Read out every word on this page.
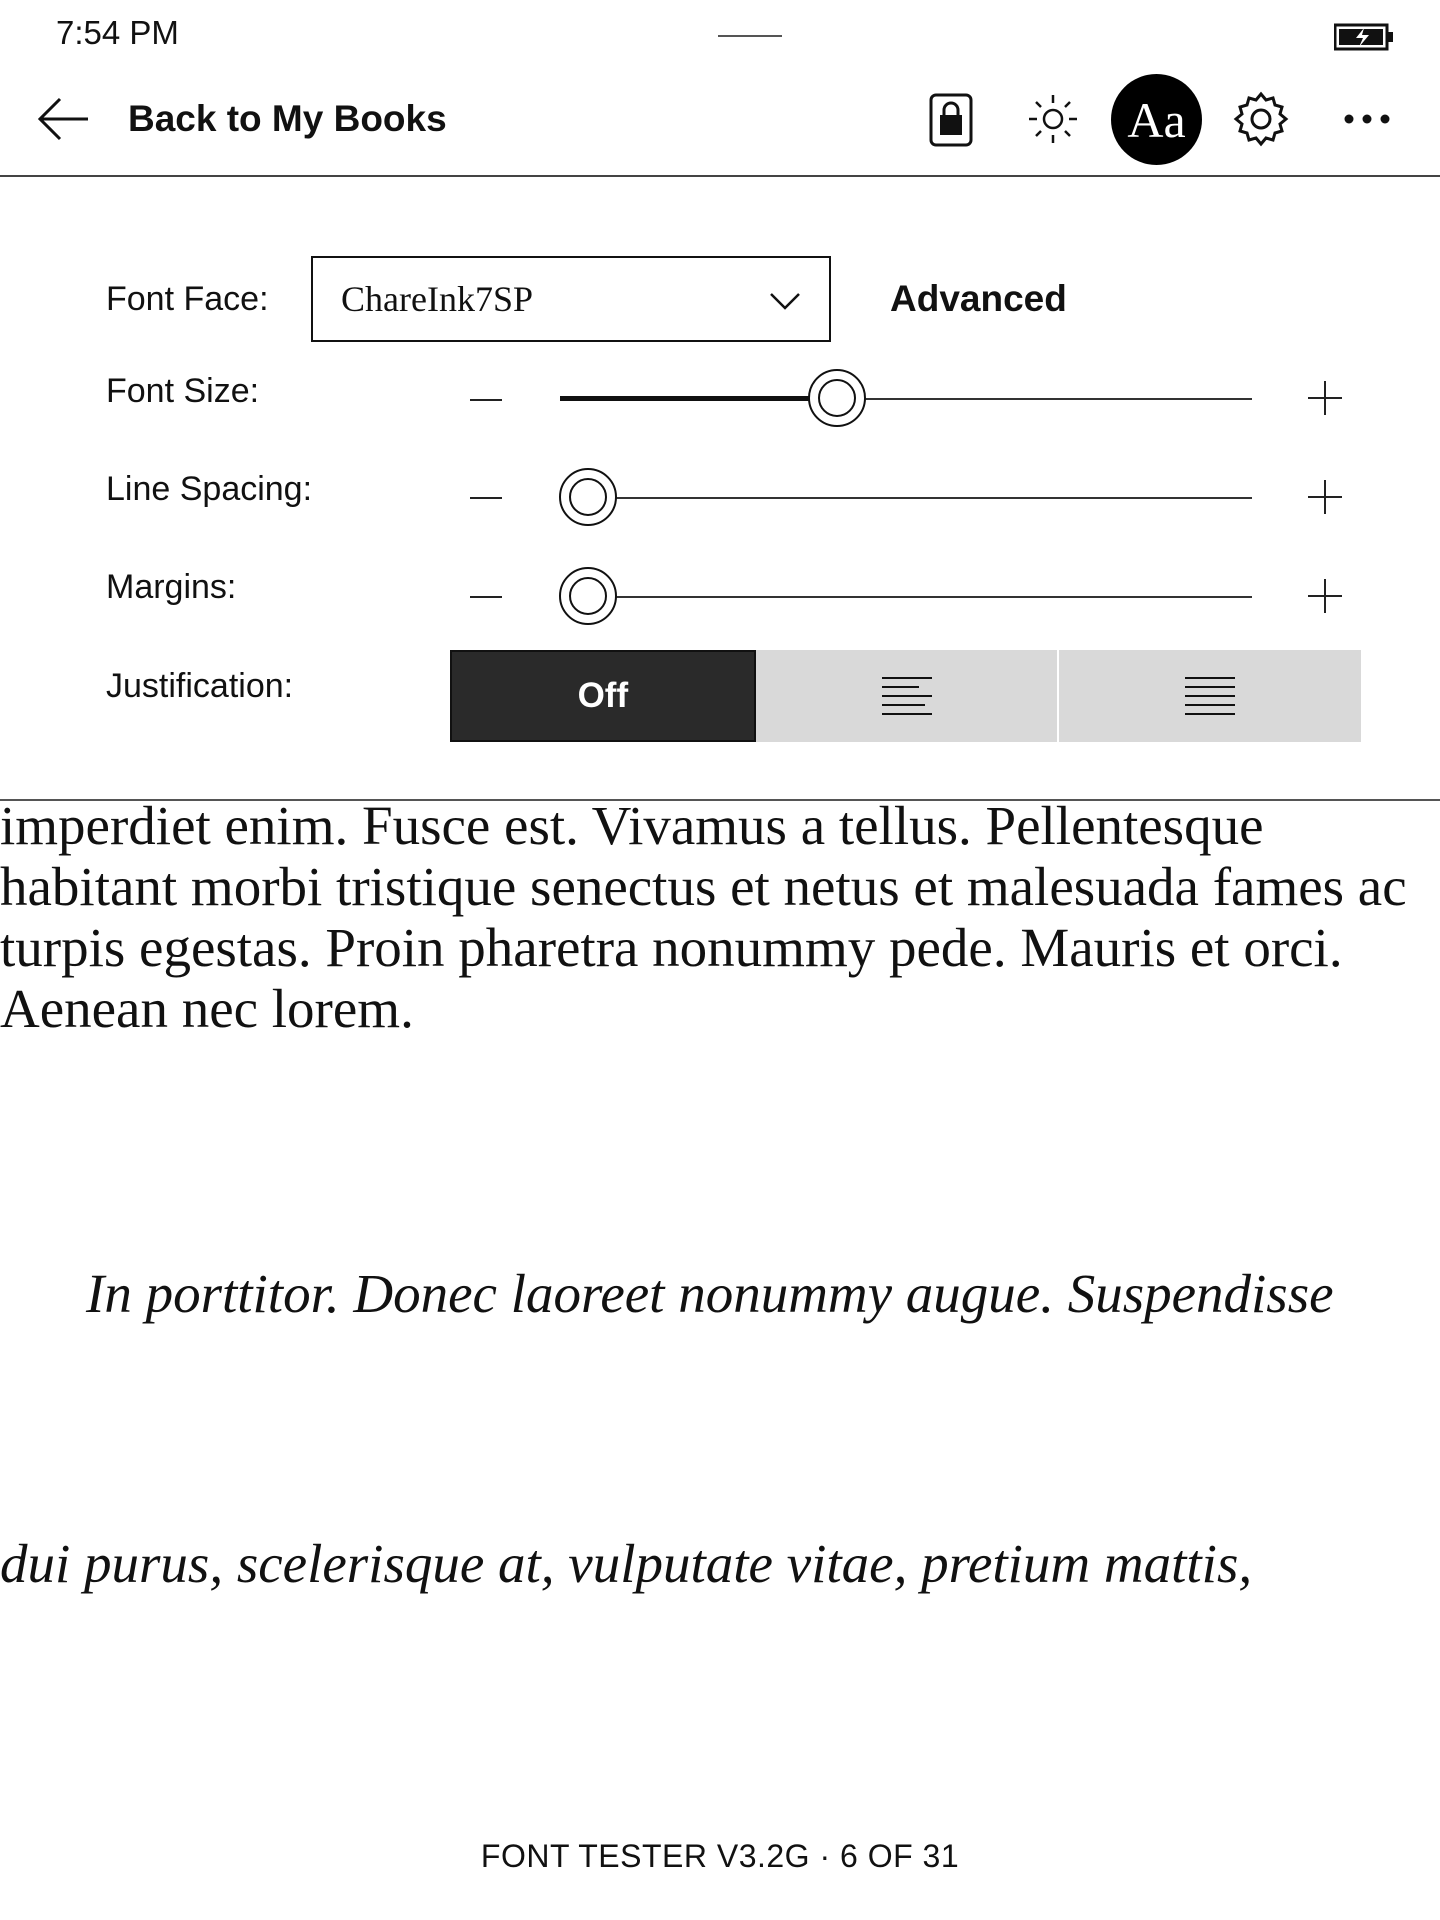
7:54 PM
Back to My Books	Aa
Font Face: ChareInk7SP	Advanced
Font Size:
Line Spacing:
Margins:
Justification:	Off
imperdiet enim. Fusce est. Vivamus a tellus. Pellentesque habitant morbi tristique senectus et netus et malesuada fames ac turpis egestas. Proin pharetra nonummy pede. Mauris et orci. Aenean nec lorem.
In porttitor. Donec laoreet nonummy augue. Suspendisse
dui purus, scelerisque at, vulputate vitae, pretium mattis,
FONT TESTER V3.2G · 6 OF 31
